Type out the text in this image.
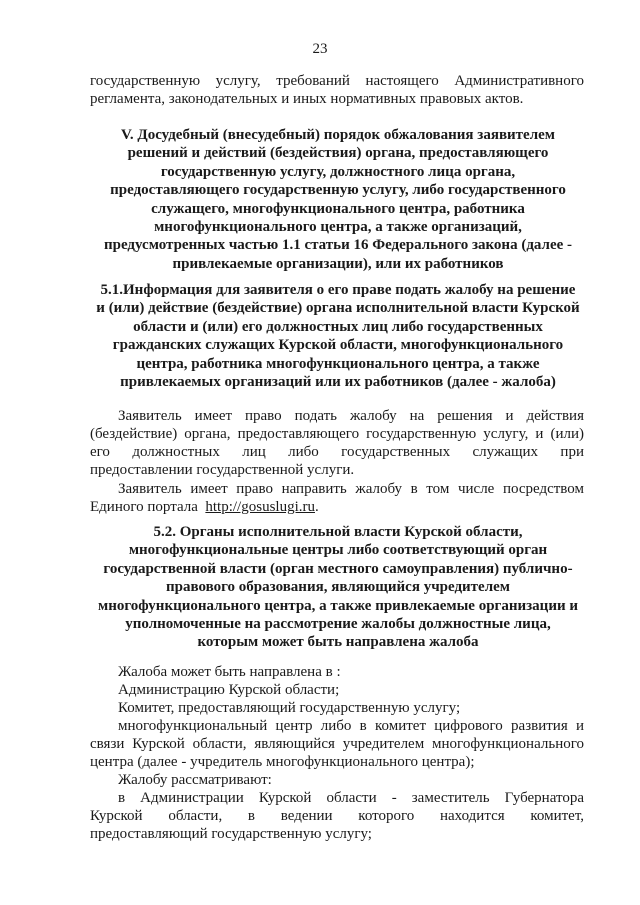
23

государственную услугу, требований настоящего Административного регламента, законодательных и иных нормативных правовых актов.

V. Досудебный (внесудебный) порядок обжалования заявителем решений и действий (бездействия) органа, предоставляющего государственную услугу, должностного лица органа, предоставляющего государственную услугу, либо государственного служащего, многофункционального центра, работника многофункционального центра, а также организаций, предусмотренных частью 1.1 статьи 16 Федерального закона (далее - привлекаемые организации), или их работников

5.1.Информация для заявителя о его праве подать жалобу на решение и (или) действие (бездействие) органа исполнительной власти Курской области и (или) его должностных лиц либо государственных гражданских служащих Курской области, многофункционального центра, работника многофункционального центра, а также привлекаемых организаций или их работников (далее - жалоба)

Заявитель имеет право подать жалобу на решения и действия
(бездействие) органа, предоставляющего государственную услугу, и (или)
его должностных лиц либо государственных служащих при
предоставлении государственной услуги.

Заявитель имеет право направить жалобу в том числе посредством
Единого портала http://gosuslugi.ru.

5.2. Органы исполнительной власти Курской области, многофункциональные центры либо соответствующий орган государственной власти (орган местного самоуправления) публично-правового образования, являющийся учредителем многофункционального центра, а также привлекаемые организации и уполномоченные на рассмотрение жалобы должностные лица, которым может быть направлена жалоба

Жалоба может быть направлена в :

Администрацию Курской области;

Комитет, предоставляющий государственную услугу;

многофункциональный центр либо в комитет цифрового развития и связи Курской области, являющийся учредителем многофункционального центра (далее - учредитель многофункционального центра);

Жалобу рассматривают:

в Администрации Курской области - заместитель Губернатора
Курской области, в ведении которого находится комитет,
предоставляющий государственную услугу;
